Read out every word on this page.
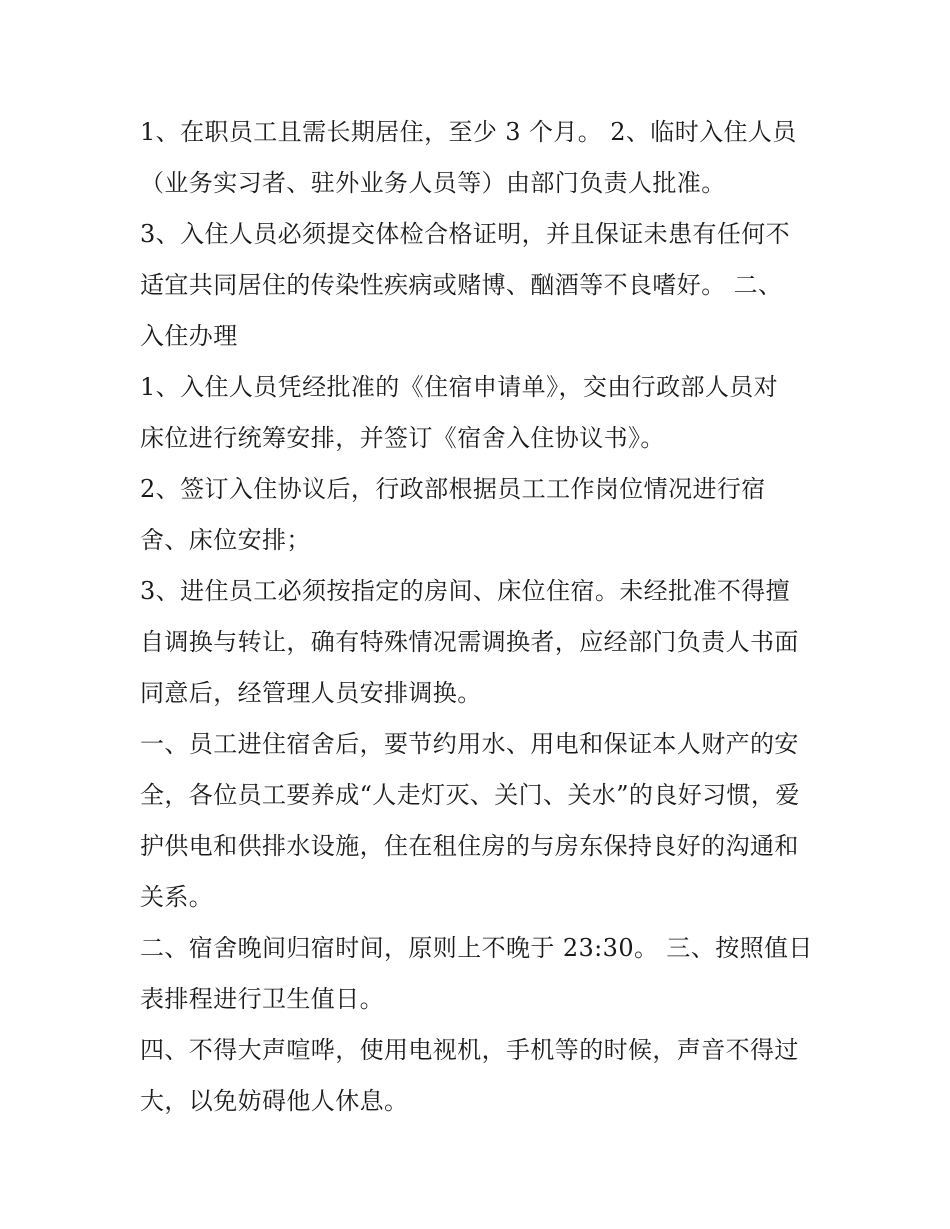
1、在职员工且需长期居住，至少 3 个月。 2、临时入住人员
（业务实习者、驻外业务人员等）由部门负责人批准。

3、入住人员必须提交体检合格证明，并且保证未患有任何不
适宜共同居住的传染性疾病或赌博、酗酒等不良嗜好。 二、
入住办理

1、入住人员凭经批准的《住宿申请单》，交由行政部人员对
床位进行统筹安排，并签订《宿舍入住协议书》。

2、签订入住协议后，行政部根据员工工作岗位情况进行宿
舍、床位安排；

3、进住员工必须按指定的房间、床位住宿。未经批准不得擅
自调换与转让，确有特殊情况需调换者，应经部门负责人书面
同意后，经管理人员安排调换。

一、员工进住宿舍后，要节约用水、用电和保证本人财产的安
全，各位员工要养成“人走灯灭、关门、关水”的良好习惯，爱
护供电和供排水设施，住在租住房的与房东保持良好的沟通和
关系。

二、宿舍晚间归宿时间，原则上不晚于 23:30。 三、按照值日
表排程进行卫生值日。

四、不得大声喧哗，使用电视机，手机等的时候，声音不得过
大，以免妨碍他人休息。
